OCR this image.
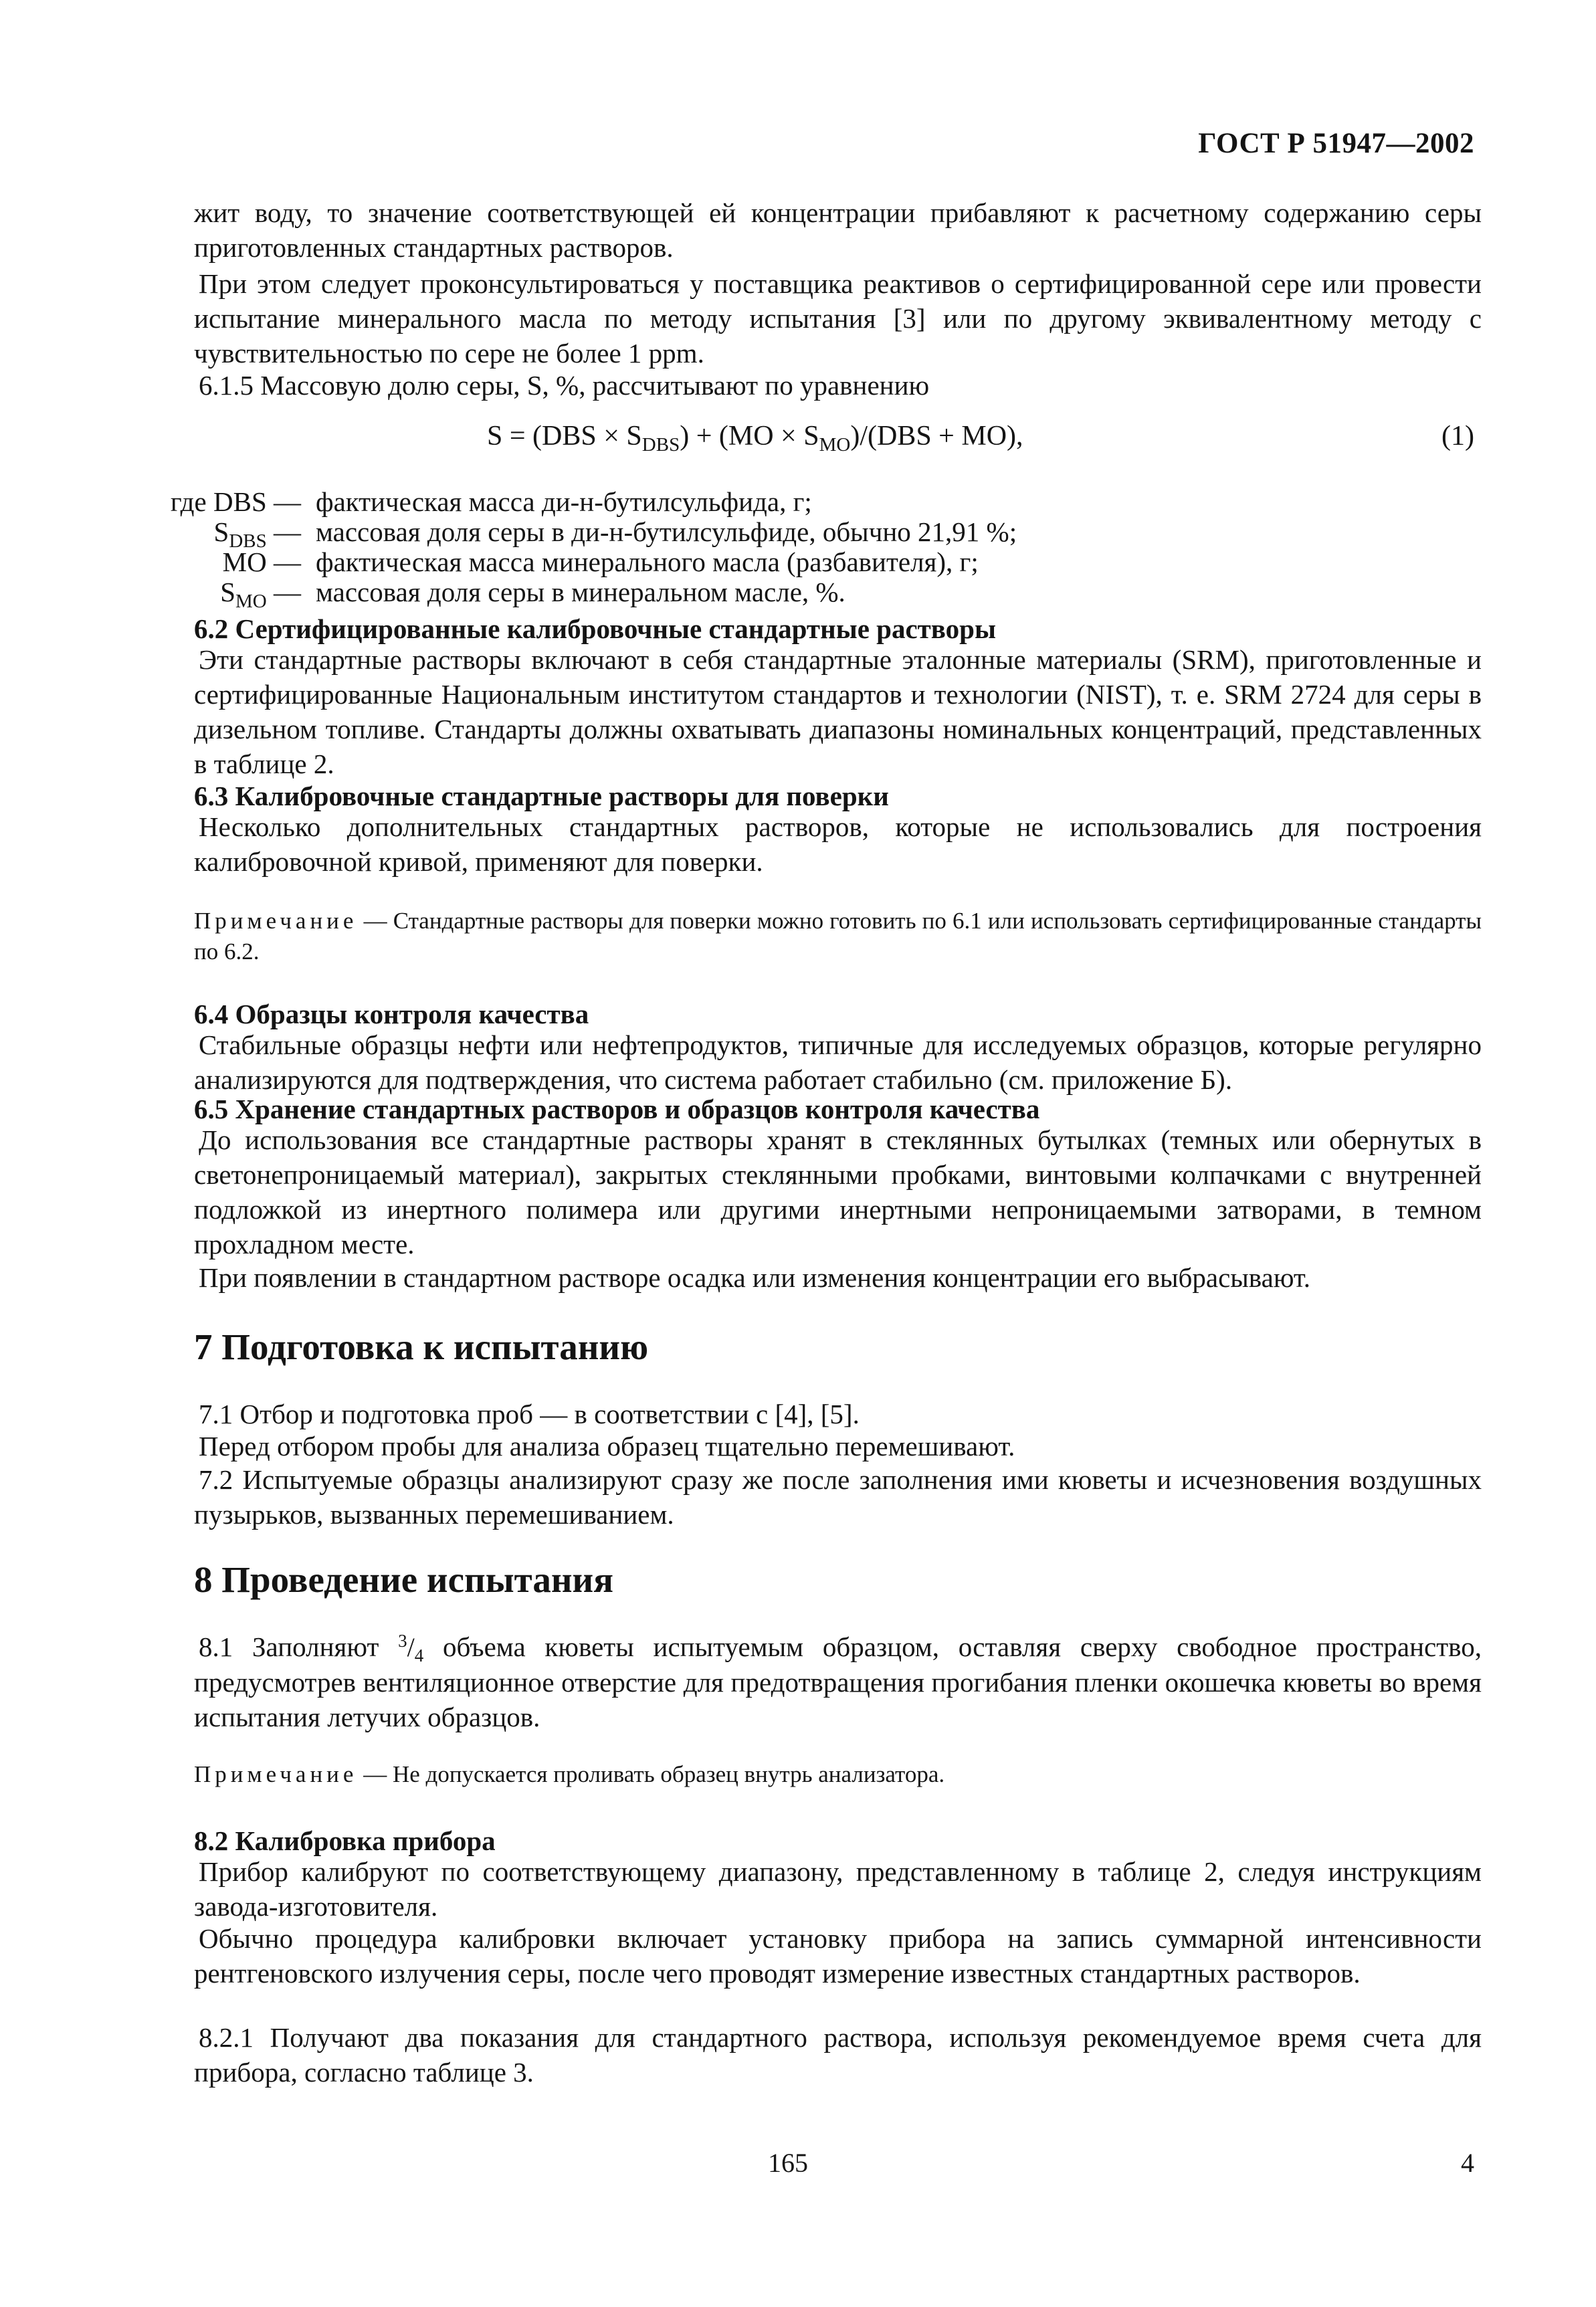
ГОСТ Р 51947—2002
жит воду, то значение соответствующей ей концентрации прибавляют к расчетному содержанию серы приготовленных стандартных растворов.
При этом следует проконсультироваться у поставщика реактивов о сертифицированной сере или провести испытание минерального масла по методу испытания [3] или по другому эквивалентному методу с чувствительностью по сере не более 1 ppm.
6.1.5 Массовую долю серы, S, %, рассчитывают по уравнению
$S = (DBS \times S_{DBS}) + (MO \times S_{MO})/(DBS + MO)$,	(1)
где DBS — фактическая масса ди-н-бутилсульфида, г;
$S_{DBS}$ — массовая доля серы в ди-н-бутилсульфиде, обычно 21,91 %;
MO — фактическая масса минерального масла (разбавителя), г;
$S_{MO}$ — массовая доля серы в минеральном масле, %.
6.2 Сертифицированные калибровочные стандартные растворы
Эти стандартные растворы включают в себя стандартные эталонные материалы (SRM), приготовленные и сертифицированные Национальным институтом стандартов и технологии (NIST), т. е. SRM 2724 для серы в дизельном топливе. Стандарты должны охватывать диапазоны номинальных концентраций, представленных в таблице 2.
6.3 Калибровочные стандартные растворы для поверки
Несколько дополнительных стандартных растворов, которые не использовались для построения калибровочной кривой, применяют для поверки.
Примечание — Стандартные растворы для поверки можно готовить по 6.1 или использовать сертифицированные стандарты по 6.2.
6.4 Образцы контроля качества
Стабильные образцы нефти или нефтепродуктов, типичные для исследуемых образцов, которые регулярно анализируются для подтверждения, что система работает стабильно (см. приложение Б).
6.5 Хранение стандартных растворов и образцов контроля качества
До использования все стандартные растворы хранят в стеклянных бутылках (темных или обернутых в светонепроницаемый материал), закрытых стеклянными пробками, винтовыми колпачками с внутренней подложкой из инертного полимера или другими инертными непроницаемыми затворами, в темном прохладном месте.
При появлении в стандартном растворе осадка или изменения концентрации его выбрасывают.
7 Подготовка к испытанию
7.1 Отбор и подготовка проб — в соответствии с [4], [5].
Перед отбором пробы для анализа образец тщательно перемешивают.
7.2 Испытуемые образцы анализируют сразу же после заполнения ими кюветы и исчезновения воздушных пузырьков, вызванных перемешиванием.
8 Проведение испытания
8.1 Заполняют $^3/_4$ объема кюветы испытуемым образцом, оставляя сверху свободное пространство, предусмотрев вентиляционное отверстие для предотвращения прогибания пленки окошечка кюветы во время испытания летучих образцов.
Примечание — Не допускается проливать образец внутрь анализатора.
8.2 Калибровка прибора
Прибор калибруют по соответствующему диапазону, представленному в таблице 2, следуя инструкциям завода-изготовителя.
Обычно процедура калибровки включает установку прибора на запись суммарной интенсивности рентгеновского излучения серы, после чего проводят измерение известных стандартных растворов.
8.2.1 Получают два показания для стандартного раствора, используя рекомендуемое время счета для прибора, согласно таблице 3.
165	4
